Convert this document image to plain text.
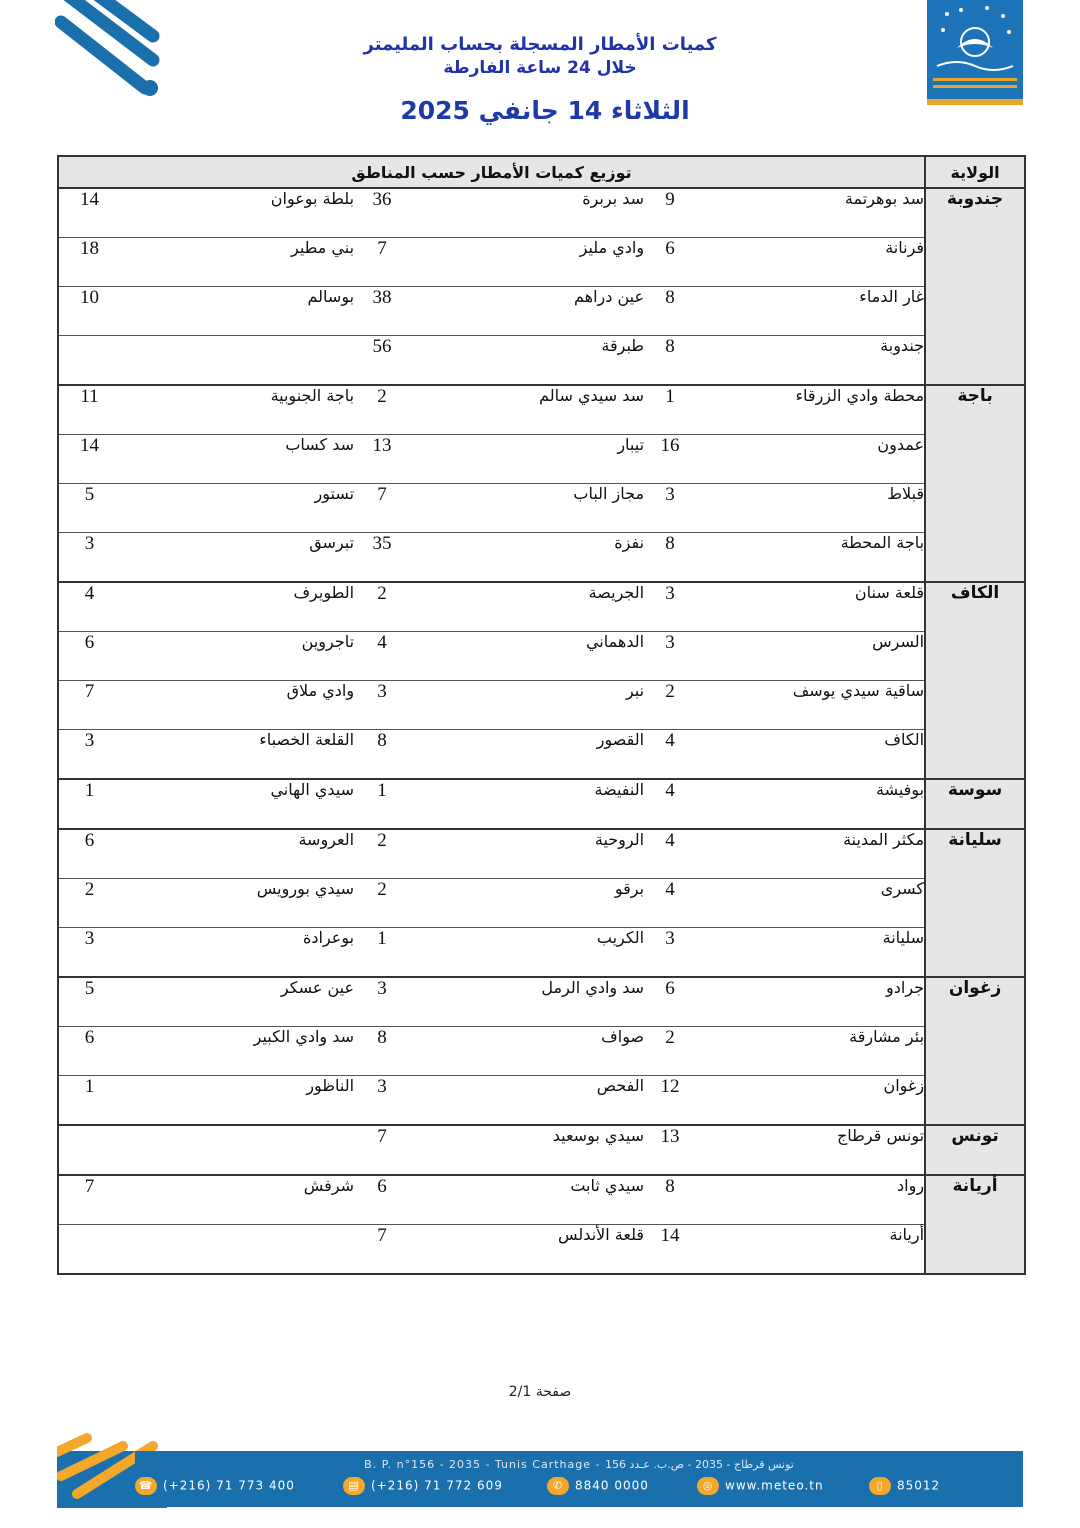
كميات الأمطار المسجلة بحساب المليمتر
خلال 24 ساعة الفارطة
الثلاثاء 14 جانفي 2025
الولاية	توزيع كميات الأمطار حسب المناطق					
جندوبة	سد بوهرتمة	9	سد بربرة	36	بلطة بوعوان	14
	فرنانة	6	وادي مليز	7	بني مطير	18
	غار الدماء	8	عين دراهم	38	بوسالم	10
	جندوبة	8	طبرقة	56		
باجة	محطة وادي الزرقاء	1	سد سيدي سالم	2	باجة الجنوبية	11
	عمدون	16	تيبار	13	سد كساب	14
	قبلاط	3	مجاز الباب	7	تستور	5
	باجة المحطة	8	نفزة	35	تبرسق	3
الكاف	قلعة سنان	3	الجريصة	2	الطويرف	4
	السرس	3	الدهماني	4	تاجروين	6
	ساقية سيدي يوسف	2	نبر	3	وادي ملاق	7
	الكاف	4	القصور	8	القلعة الخصباء	3
سوسة	بوفيشة	4	النفيضة	1	سيدي الهاني	1
سليانة	مكثر المدينة	4	الروحية	2	العروسة	6
	كسرى	4	برقو	2	سيدي بورويس	2
	سليانة	3	الكريب	1	بوعرادة	3
زغوان	جرادو	6	سد وادي الرمل	3	عين عسكر	5
	بئر مشارقة	2	صواف	8	سد وادي الكبير	6
	زغوان	12	الفحص	3	الناظور	1
تونس	تونس قرطاج	13	سيدي بوسعيد	7		
أريانة	رواد	8	سيدي ثابت	6	شرفش	7
	أريانة	14	قلعة الأندلس	7		
صفحة 2/1
B. P. n°156 - 2035 - Tunis Carthage - تونس قرطاج - 2035 - ص.ب. عـدد 156
☎ (+216) 71 773 400	▤ (+216) 71 772 609	✆ 8840 0000	◎ www.meteo.tn	▯ 85012
